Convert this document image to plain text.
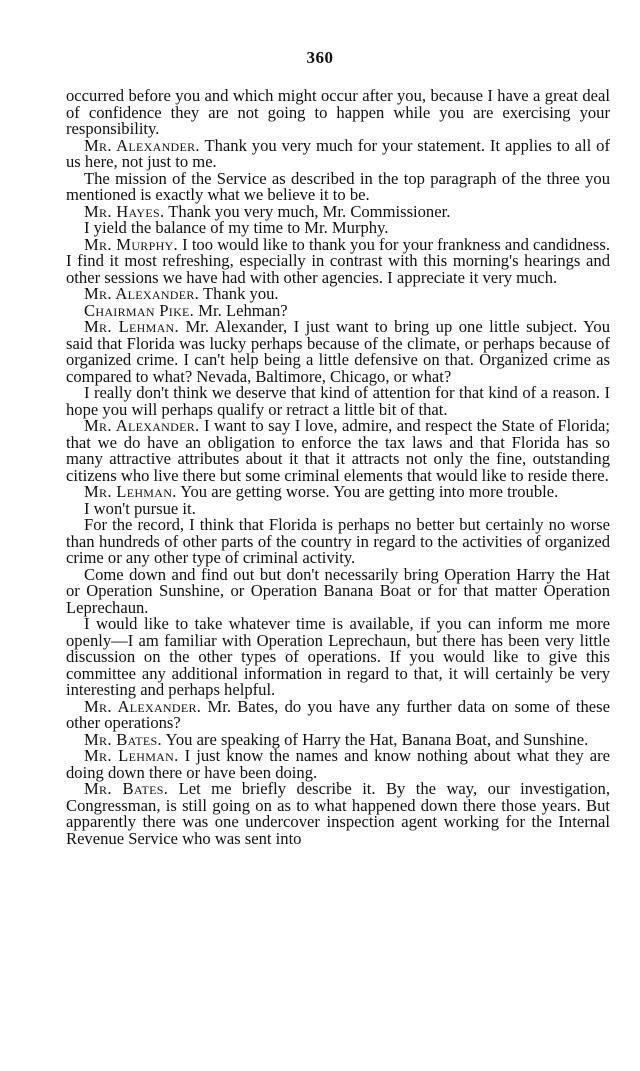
360

occurred before you and which might occur after you, because I have a great deal of confidence they are not going to happen while you are exercising your responsibility.

Mr. Alexander. Thank you very much for your statement. It applies to all of us here, not just to me.

The mission of the Service as described in the top paragraph of the three you mentioned is exactly what we believe it to be.

Mr. Hayes. Thank you very much, Mr. Commissioner.

I yield the balance of my time to Mr. Murphy.

Mr. Murphy. I too would like to thank you for your frankness and candidness. I find it most refreshing, especially in contrast with this morning's hearings and other sessions we have had with other agencies. I appreciate it very much.

Mr. Alexander. Thank you.

Chairman Pike. Mr. Lehman?

Mr. Lehman. Mr. Alexander, I just want to bring up one little subject. You said that Florida was lucky perhaps because of the climate, or perhaps because of organized crime. I can't help being a little defensive on that. Organized crime as compared to what? Nevada, Baltimore, Chicago, or what?

I really don't think we deserve that kind of attention for that kind of a reason. I hope you will perhaps qualify or retract a little bit of that.

Mr. Alexander. I want to say I love, admire, and respect the State of Florida; that we do have an obligation to enforce the tax laws and that Florida has so many attractive attributes about it that it attracts not only the fine, outstanding citizens who live there but some criminal elements that would like to reside there.

Mr. Lehman. You are getting worse. You are getting into more trouble.

I won't pursue it.

For the record, I think that Florida is perhaps no better but certainly no worse than hundreds of other parts of the country in regard to the activities of organized crime or any other type of criminal activity.

Come down and find out but don't necessarily bring Operation Harry the Hat or Operation Sunshine, or Operation Banana Boat or for that matter Operation Leprechaun.

I would like to take whatever time is available, if you can inform me more openly—I am familiar with Operation Leprechaun, but there has been very little discussion on the other types of operations. If you would like to give this committee any additional information in regard to that, it will certainly be very interesting and perhaps helpful.

Mr. Alexander. Mr. Bates, do you have any further data on some of these other operations?

Mr. Bates. You are speaking of Harry the Hat, Banana Boat, and Sunshine.

Mr. Lehman. I just know the names and know nothing about what they are doing down there or have been doing.

Mr. Bates. Let me briefly describe it. By the way, our investigation, Congressman, is still going on as to what happened down there those years. But apparently there was one undercover inspection agent working for the Internal Revenue Service who was sent into
